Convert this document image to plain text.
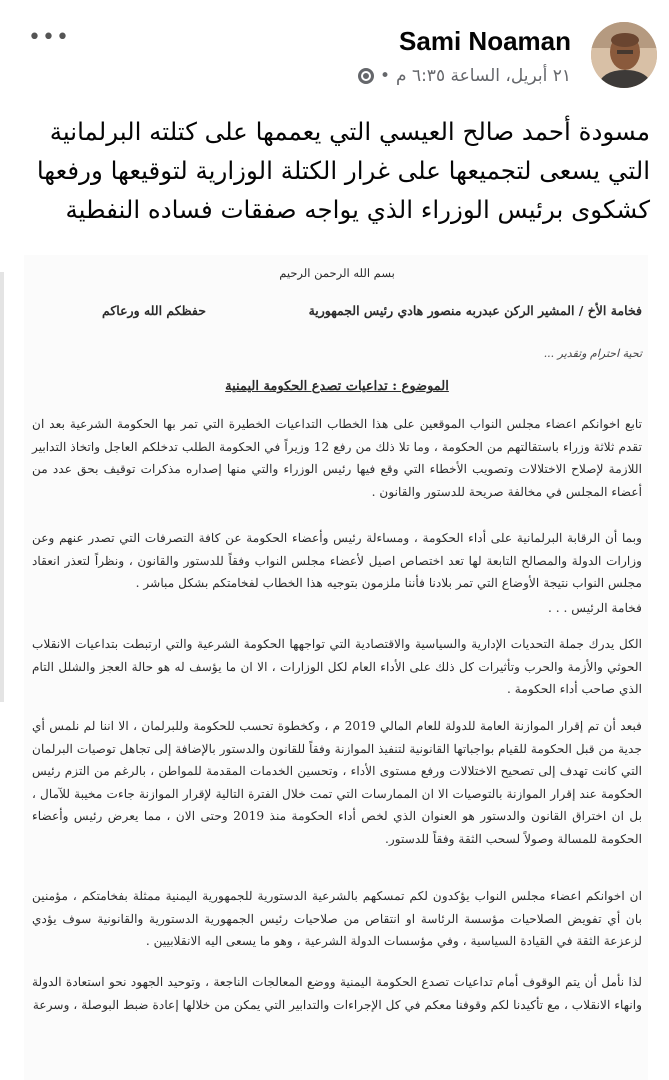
•••	Sami Noaman
٢١ أبريل، الساعة ٦:٣٥ م
•
مسودة أحمد صالح العيسي التي يعممها على كتلته البرلمانية التي يسعى لتجميعها على غرار الكتلة الوزارية لتوقيعها ورفعها كشكوى برئيس الوزراء الذي يواجه صفقات فساده النفطية
بسم الله الرحمن الرحيم
فخامة الأخ / المشير الركن عبدربه منصور هادي رئيس الجمهورية
حفظكم الله ورعاكم
تحية احترام وتقدير ...
الموضوع : تداعيات تصدع الحكومة اليمنية
تابع اخوانكم اعضاء مجلس النواب الموقعين على هذا الخطاب التداعيات الخطيرة التي تمر بها الحكومة الشرعية بعد ان تقدم ثلاثة وزراء باستقالتهم من الحكومة ، وما تلا ذلك من رفع 12 وزيراً في الحكومة الطلب تدخلكم العاجل واتخاذ التدابير اللازمة لإصلاح الاختلالات وتصويب الأخطاء التي وقع فيها رئيس الوزراء والتي منها إصداره مذكرات توقيف بحق عدد من أعضاء المجلس في مخالفة صريحة للدستور والقانون .
وبما أن الرقابة البرلمانية على أداء الحكومة ، ومساءلة رئيس وأعضاء الحكومة عن كافة التصرفات التي تصدر عنهم وعن وزارات الدولة والمصالح التابعة لها تعد اختصاص اصيل لأعضاء مجلس النواب وفقاً للدستور والقانون ، ونظراً لتعذر انعقاد مجلس النواب نتيجة الأوضاع التي تمر بلادنا فأننا ملزمون بتوجيه هذا الخطاب لفخامتكم بشكل مباشر .
فخامة الرئيس . . .
الكل يدرك جملة التحديات الإدارية والسياسية والاقتصادية التي تواجهها الحكومة الشرعية والتي ارتبطت بتداعيات الانقلاب الحوثي والأزمة والحرب وتأثيرات كل ذلك على الأداء العام لكل الوزارات ، الا ان ما يؤسف له هو حالة العجز والشلل التام الذي صاحب أداء الحكومة .
فبعد أن تم إقرار الموازنة العامة للدولة للعام المالي 2019 م ، وكخطوة تحسب للحكومة وللبرلمان ، الا اننا لم نلمس أي جدية من قبل الحكومة للقيام بواجباتها القانونية لتنفيذ الموازنة وفقاً للقانون والدستور بالإضافة إلى تجاهل توصيات البرلمان التي كانت تهدف إلى تصحيح الاختلالات ورفع مستوى الأداء ، وتحسين الخدمات المقدمة للمواطن ، بالرغم من التزم رئيس الحكومة عند إقرار الموازنة بالتوصيات الا ان الممارسات التي تمت خلال الفترة التالية لإقرار الموازنة جاءت مخيبة للآمال ، بل ان اختراق القانون والدستور هو العنوان الذي لخص أداء الحكومة منذ 2019 وحتى الان ، مما يعرض رئيس وأعضاء الحكومة للمسالة وصولاً لسحب الثقة وفقاً للدستور.
ان اخوانكم اعضاء مجلس النواب يؤكدون لكم تمسكهم بالشرعية الدستورية للجمهورية اليمنية ممثلة بفخامتكم ، مؤمنين بان أي تفويض الصلاحيات مؤسسة الرئاسة او انتقاص من صلاحيات رئيس الجمهورية الدستورية والقانونية سوف يؤدي لزعزعة الثقة في القيادة السياسية ، وفي مؤسسات الدولة الشرعية ، وهو ما يسعى اليه الانقلابيين .
لذا نأمل أن يتم الوقوف أمام تداعيات تصدع الحكومة اليمنية ووضع المعالجات الناجعة ، وتوحيد الجهود نحو استعادة الدولة وانهاء الانقلاب ، مع تأكيدنا لكم وقوفنا معكم في كل الإجراءات والتدابير التي يمكن من خلالها إعادة ضبط البوصلة ، وسرعة
